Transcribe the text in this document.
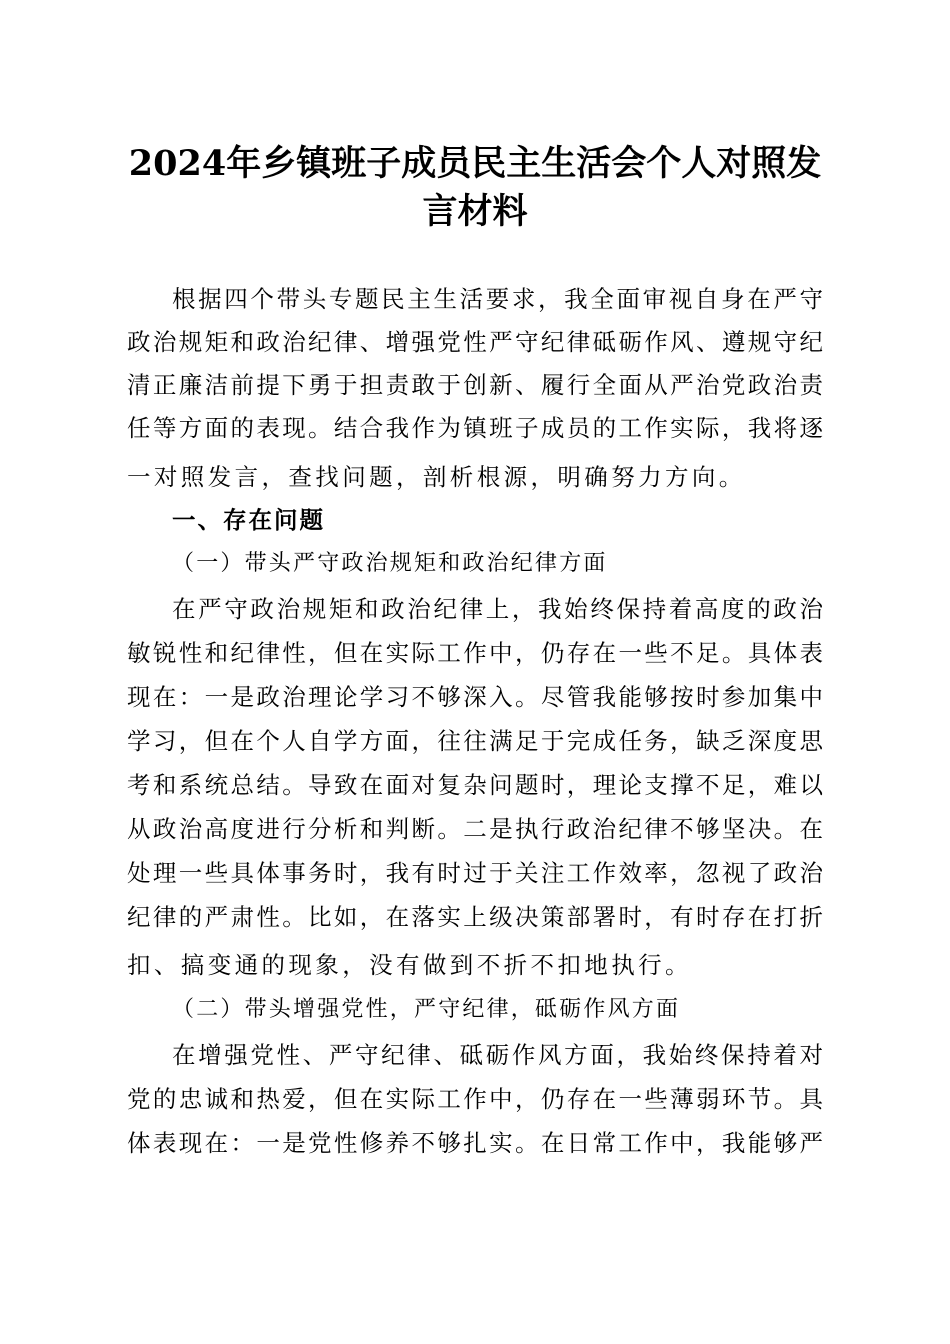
2024年乡镇班子成员民主生活会个人对照发
言材料
根据四个带头专题民主生活要求，我全面审视自身在严守
政治规矩和政治纪律、增强党性严守纪律砥砺作风、遵规守纪
清正廉洁前提下勇于担责敢于创新、履行全面从严治党政治责
任等方面的表现。结合我作为镇班子成员的工作实际，我将逐
一对照发言，查找问题，剖析根源，明确努力方向。
一、存在问题
（一）带头严守政治规矩和政治纪律方面
在严守政治规矩和政治纪律上，我始终保持着高度的政治
敏锐性和纪律性，但在实际工作中，仍存在一些不足。具体表
现在：一是政治理论学习不够深入。尽管我能够按时参加集中
学习，但在个人自学方面，往往满足于完成任务，缺乏深度思
考和系统总结。导致在面对复杂问题时，理论支撑不足，难以
从政治高度进行分析和判断。二是执行政治纪律不够坚决。在
处理一些具体事务时，我有时过于关注工作效率，忽视了政治
纪律的严肃性。比如，在落实上级决策部署时，有时存在打折
扣、搞变通的现象，没有做到不折不扣地执行。
（二）带头增强党性，严守纪律，砥砺作风方面
在增强党性、严守纪律、砥砺作风方面，我始终保持着对
党的忠诚和热爱，但在实际工作中，仍存在一些薄弱环节。具
体表现在：一是党性修养不够扎实。在日常工作中，我能够严
